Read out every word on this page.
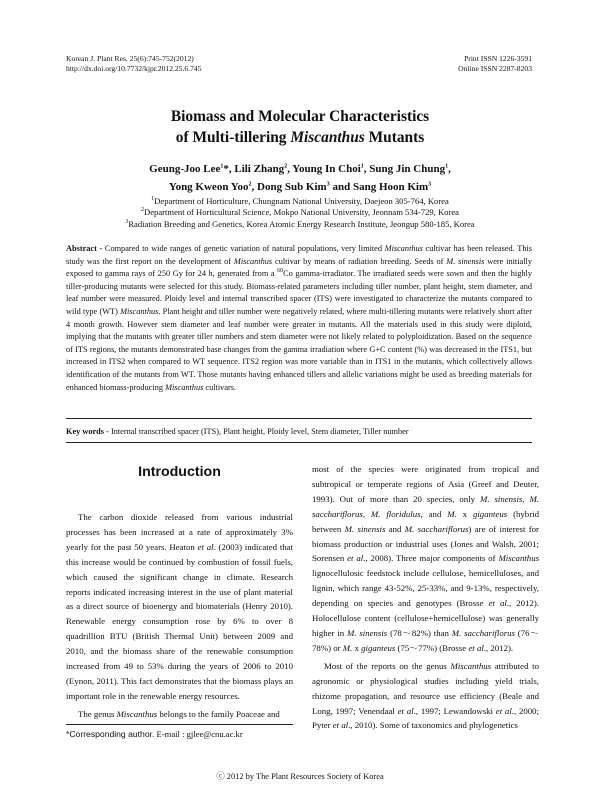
Korean J. Plant Res. 25(6):745-752(2012)
http://dx.doi.org/10.7732/kjpr.2012.25.6.745
Print ISSN 1226-3591
Online ISSN 2287-8203
Biomass and Molecular Characteristics
of Multi-tillering Miscanthus Mutants
Geung-Joo Lee$^1$*, Lili Zhang$^2$, Young In Choi$^1$, Sung Jin Chung$^1$,
Yong Kweon Yoo$^2$, Dong Sub Kim$^3$ and Sang Hoon Kim$^3$
$^1$Department of Horticulture, Chungnam National University, Daejeon 305-764, Korea
$^2$Department of Horticultural Science, Mokpo National University, Jeonnam 534-729, Korea
$^3$Radiation Breeding and Genetics, Korea Atomic Energy Research Institute, Jeongup 580-185, Korea
Abstract - Compared to wide ranges of genetic variation of natural populations, very limited Miscanthus cultivar has been released. This study was the first report on the development of Miscanthus cultivar by means of radiation breeding. Seeds of M. sinensis were initially exposed to gamma rays of 250 Gy for 24 h, generated from a $^{60}$Co gamma-irradiator. The irradiated seeds were sown and then the highly tiller-producing mutants were selected for this study. Biomass-related parameters including tiller number, plant height, stem diameter, and leaf number were measured. Ploidy level and internal transcribed spacer (ITS) were investigated to characterize the mutants compared to wild type (WT) Miscanthus. Plant height and tiller number were negatively related, where multi-tillering mutants were relatively short after 4 month growth. However stem diameter and leaf number were greater in mutants. All the materials used in this study were diploid, implying that the mutants with greater tiller numbers and stem diameter were not likely related to polyploidization. Based on the sequence of ITS regions, the mutants demonstrated base changes from the gamma irradiation where G+C content (%) was decreased in the ITS1, but increased in ITS2 when compared to WT sequence. ITS2 region was more variable than in ITS1 in the mutants, which collectively allows identification of the mutants from WT. Those mutants having enhanced tillers and allelic variations might be used as breeding materials for enhanced biomass-producing Miscanthus cultivars.
Key words - Internal transcribed spacer (ITS), Plant height, Ploidy level, Stem diameter, Tiller number
Introduction

The carbon dioxide released from various industrial processes has been increased at a rate of approximately 3% yearly for the past 50 years. Heaton et al. (2003) indicated that this increase would be continued by combustion of fossil fuels, which caused the significant change in climate. Research reports indicated increasing interest in the use of plant material as a direct source of bioenergy and biomaterials (Henry 2010). Renewable energy consumption rose by 6% to over 8 quadrillion BTU (British Thermal Unit) between 2009 and 2010, and the biomass share of the renewable consumption increased from 49 to 53% during the years of 2006 to 2010 (Eynon, 2011). This fact demonstrates that the biomass plays an important role in the renewable energy resources.

The genus Miscanthus belongs to the family Poaceae and

most of the species were originated from tropical and subtropical or temperate regions of Asia (Greef and Deuter, 1993). Out of more than 20 species, only M. sinensis, M. sacchariflorus, M. floridulus, and M. x giganteus (hybrid between M. sinensis and M. sacchariflorus) are of interest for biomass production or industrial uses (Jones and Walsh, 2001; Sorensen et al., 2008). Three major components of Miscanthus lignocellulosic feedstock include cellulose, hemicelluloses, and lignin, which range 43-52%, 25-33%, and 9-13%, respectively, depending on species and genotypes (Brosse et al., 2012). Holocellulose content (cellulose+hemicellulose) was generally higher in M. sinensis (78～82%) than M. sacchariflorus (76～78%) or M. x giganteus (75～77%) (Brosse et al., 2012).

Most of the reports on the genus Miscanthus attributed to agronomic or physiological studies including yield trials, rhizome propagation, and resource use efficiency (Beale and Long, 1997; Venendaal et al., 1997; Lewandowski et al., 2000; Pyter et al., 2010). Some of taxonomics and phylogenetics

*Corresponding author. E-mail : gjlee@cnu.ac.kr
ⓒ 2012 by The Plant Resources Society of Korea
